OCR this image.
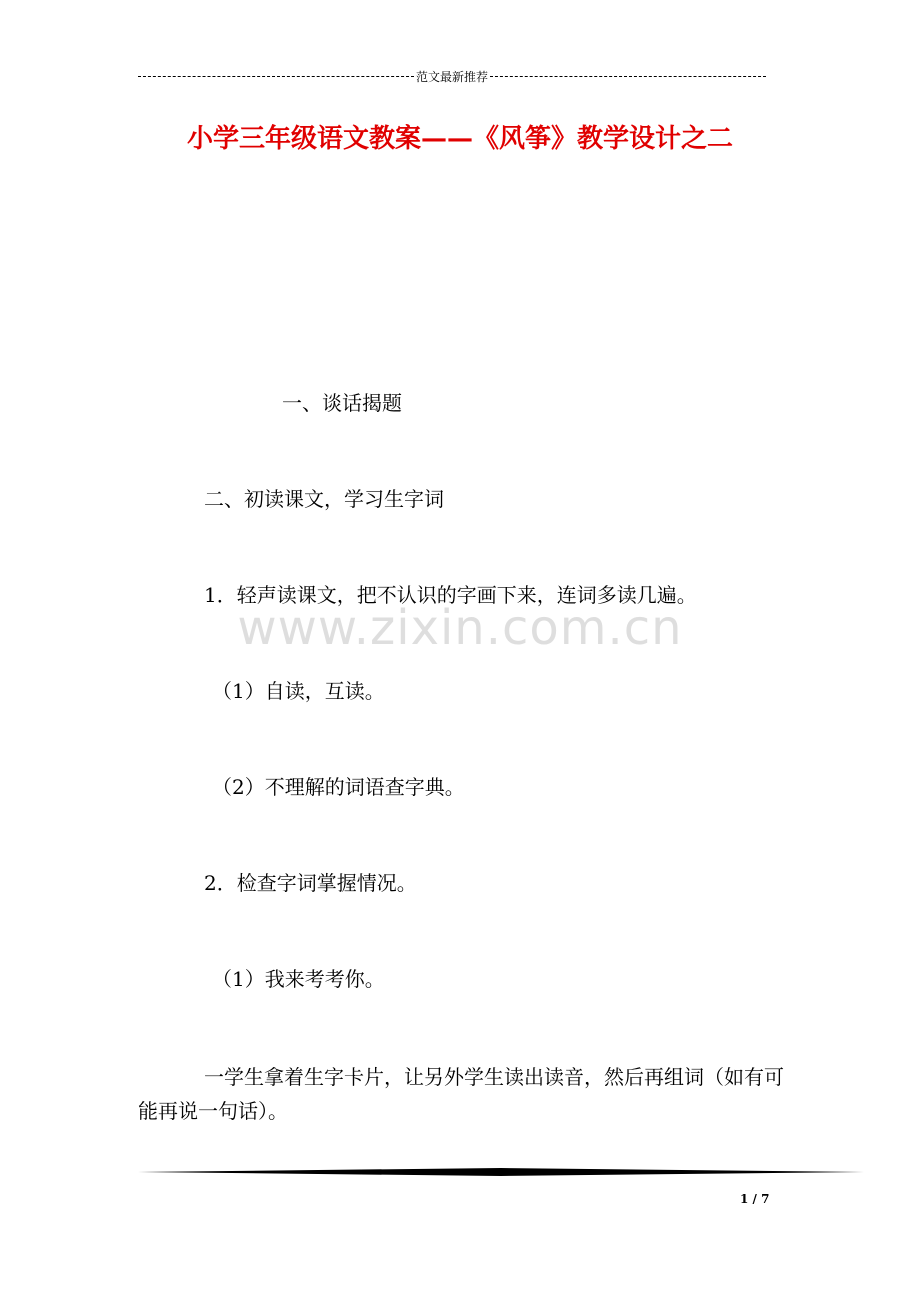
范文最新推荐
小学三年级语文教案——《风筝》教学设计之二
www.zixin.com.cn
一、谈话揭题
二、初读课文，学习生字词
1．轻声读课文，把不认识的字画下来，连词多读几遍。
（1）自读，互读。
（2）不理解的词语查字典。
2．检查字词掌握情况。
（1）我来考考你。
一学生拿着生字卡片，让另外学生读出读音，然后再组词（如有可能再说一句话）。
1 / 7
